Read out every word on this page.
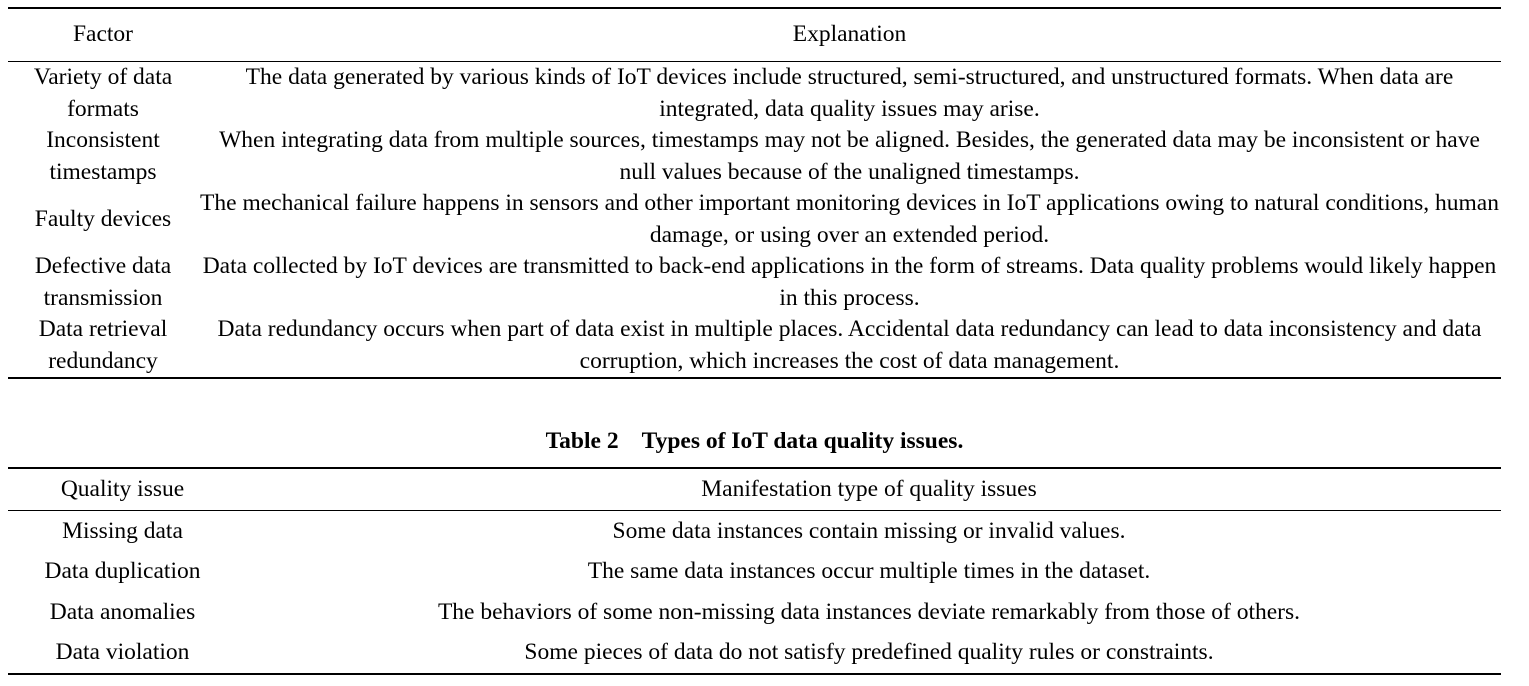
Factor	Explanation
Variety of data formats	The data generated by various kinds of IoT devices include structured, semi-structured, and unstructured formats. When data are integrated, data quality issues may arise.
Inconsistent timestamps	When integrating data from multiple sources, timestamps may not be aligned. Besides, the generated data may be inconsistent or have null values because of the unaligned timestamps.
Faulty devices	The mechanical failure happens in sensors and other important monitoring devices in IoT applications owing to natural conditions, human damage, or using over an extended period.
Defective data transmission	Data collected by IoT devices are transmitted to back-end applications in the form of streams. Data quality problems would likely happen in this process.
Data retrieval redundancy	Data redundancy occurs when part of data exist in multiple places. Accidental data redundancy can lead to data inconsistency and data corruption, which increases the cost of data management.
Table 2    Types of IoT data quality issues.
Quality issue	Manifestation type of quality issues
Missing data	Some data instances contain missing or invalid values.
Data duplication	The same data instances occur multiple times in the dataset.
Data anomalies	The behaviors of some non-missing data instances deviate remarkably from those of others.
Data violation	Some pieces of data do not satisfy predefined quality rules or constraints.
